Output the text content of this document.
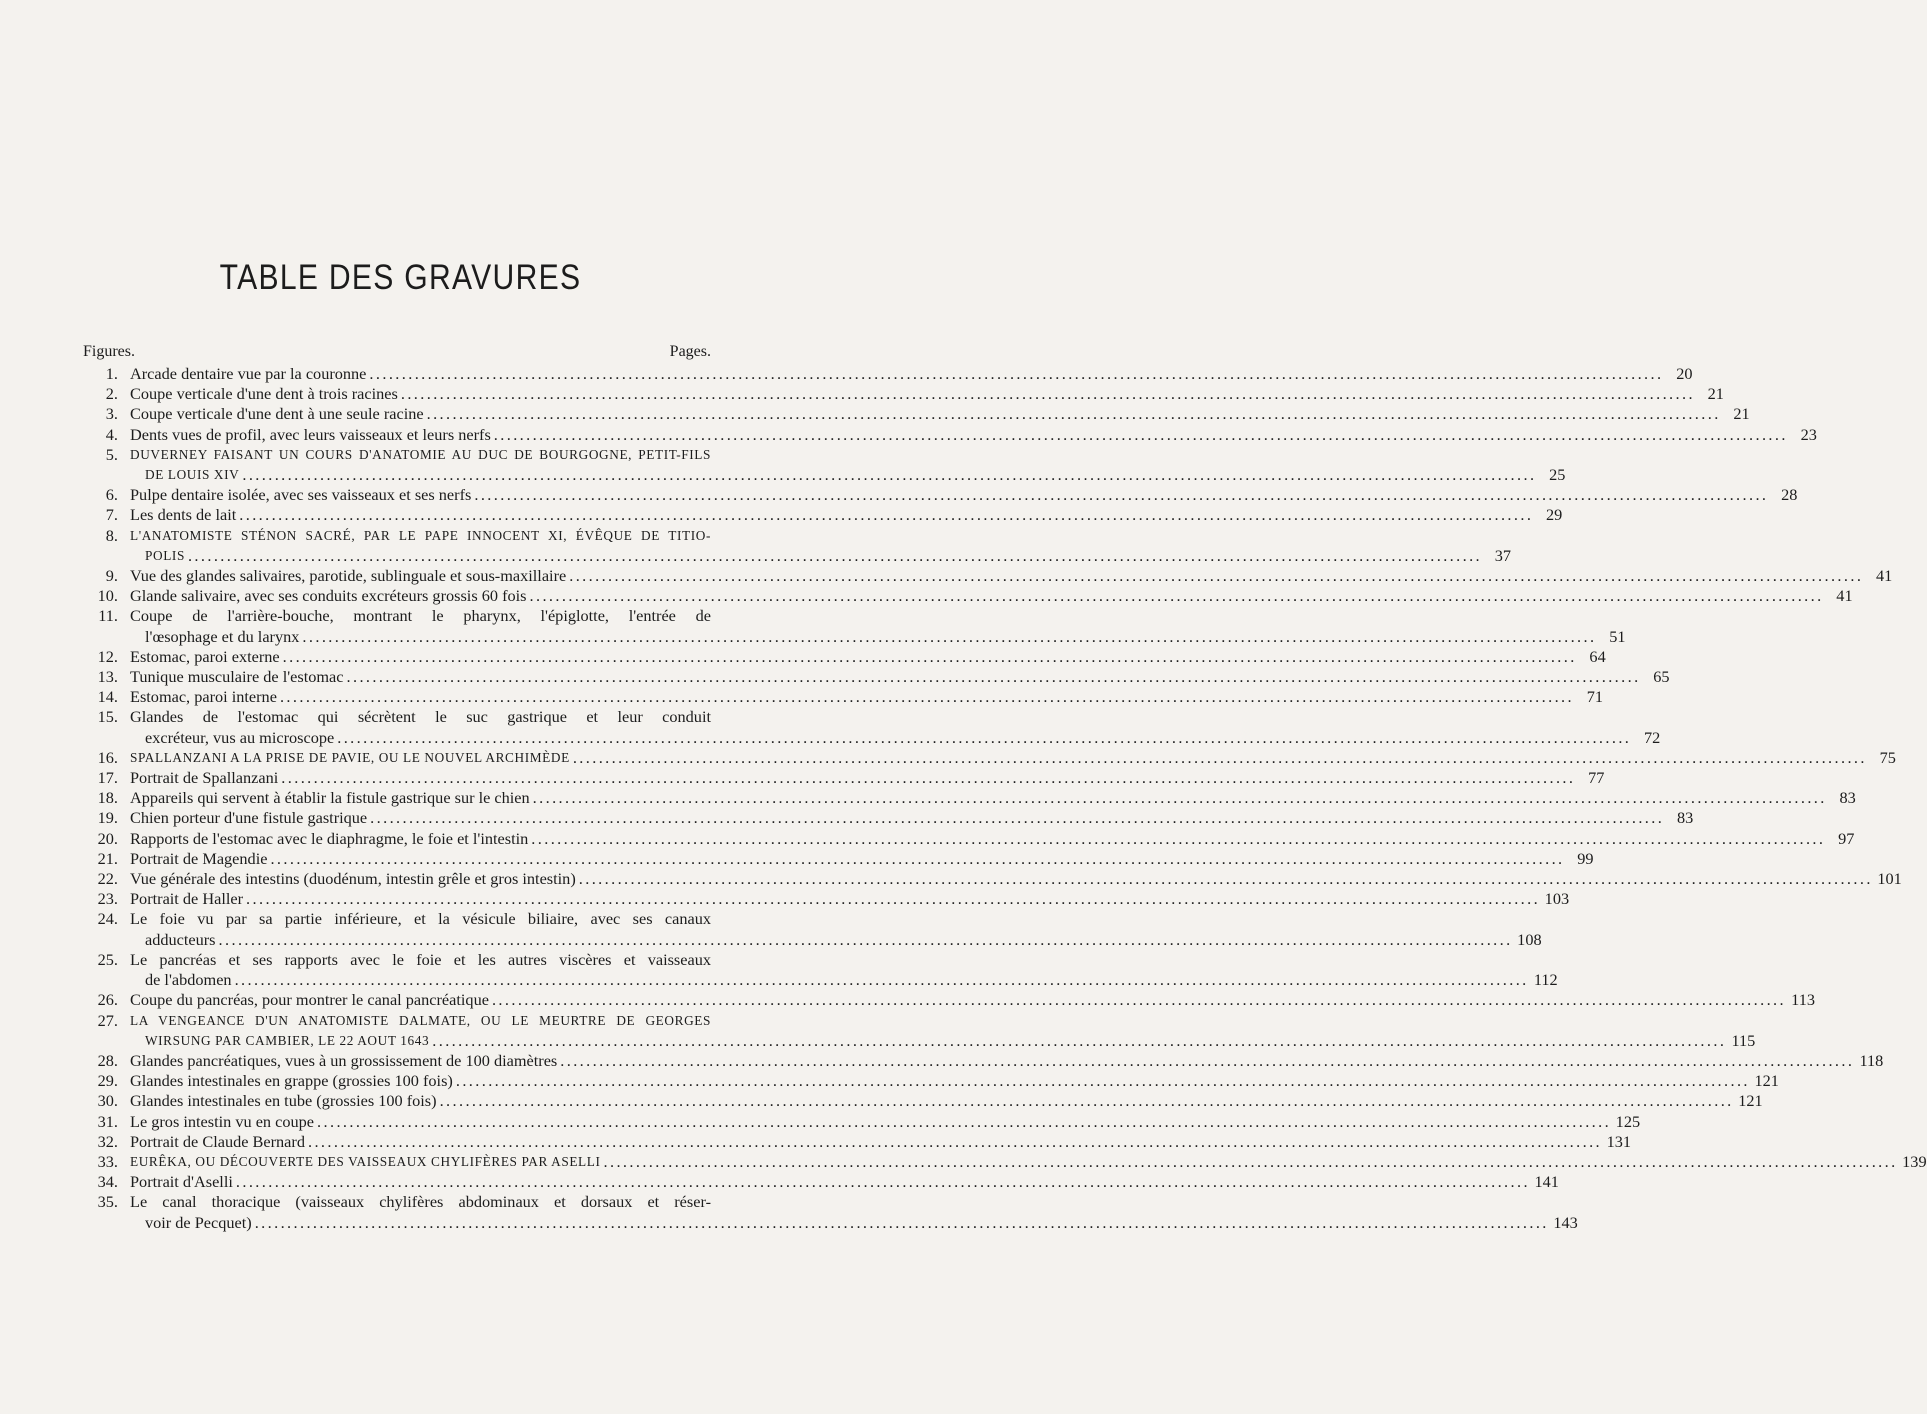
TABLE DES GRAVURES
Figures.	Pages.
1. Arcade dentaire vue par la couronne ........................................................................................................................................................................................................ 20
2. Coupe verticale d'une dent à trois racines ........................................................................................................................................................................................................ 21
3. Coupe verticale d'une dent à une seule racine ........................................................................................................................................................................................................ 21
4. Dents vues de profil, avec leurs vaisseaux et leurs nerfs ........................................................................................................................................................................................................ 23
5. DUVERNEY FAISANT UN COURS D'ANATOMIE AU DUC DE BOURGOGNE, PETIT-FILS
DE LOUIS XIV ........................................................................................................................................................................................................ 25
6. Pulpe dentaire isolée, avec ses vaisseaux et ses nerfs ........................................................................................................................................................................................................ 28
7. Les dents de lait ........................................................................................................................................................................................................ 29
8. L'ANATOMISTE STÉNON SACRÉ, PAR LE PAPE INNOCENT XI, ÉVÊQUE DE TITIO-
POLIS ........................................................................................................................................................................................................ 37
9. Vue des glandes salivaires, parotide, sublinguale et sous-maxillaire ........................................................................................................................................................................................................ 41
10. Glande salivaire, avec ses conduits excréteurs grossis 60 fois ........................................................................................................................................................................................................ 41
11. Coupe de l'arrière-bouche, montrant le pharynx, l'épiglotte, l'entrée de
l'œsophage et du larynx ........................................................................................................................................................................................................ 51
12. Estomac, paroi externe ........................................................................................................................................................................................................ 64
13. Tunique musculaire de l'estomac ........................................................................................................................................................................................................ 65
14. Estomac, paroi interne ........................................................................................................................................................................................................ 71
15. Glandes de l'estomac qui sécrètent le suc gastrique et leur conduit
excréteur, vus au microscope ........................................................................................................................................................................................................ 72
16. SPALLANZANI A LA PRISE DE PAVIE, OU LE NOUVEL ARCHIMÈDE ........................................................................................................................................................................................................ 75
17. Portrait de Spallanzani ........................................................................................................................................................................................................ 77
18. Appareils qui servent à établir la fistule gastrique sur le chien ........................................................................................................................................................................................................ 83
19. Chien porteur d'une fistule gastrique ........................................................................................................................................................................................................ 83
20. Rapports de l'estomac avec le diaphragme, le foie et l'intestin ........................................................................................................................................................................................................ 97
21. Portrait de Magendie ........................................................................................................................................................................................................ 99
22. Vue générale des intestins (duodénum, intestin grêle et gros intestin) ........................................................................................................................................................................................................ 101
23. Portrait de Haller ........................................................................................................................................................................................................ 103
24. Le foie vu par sa partie inférieure, et la vésicule biliaire, avec ses canaux
adducteurs ........................................................................................................................................................................................................ 108
25. Le pancréas et ses rapports avec le foie et les autres viscères et vaisseaux
de l'abdomen ........................................................................................................................................................................................................ 112
26. Coupe du pancréas, pour montrer le canal pancréatique ........................................................................................................................................................................................................ 113
27. LA VENGEANCE D'UN ANATOMISTE DALMATE, OU LE MEURTRE DE GEORGES
WIRSUNG PAR CAMBIER, LE 22 AOUT 1643 ........................................................................................................................................................................................................ 115
28. Glandes pancréatiques, vues à un grossissement de 100 diamètres ........................................................................................................................................................................................................ 118
29. Glandes intestinales en grappe (grossies 100 fois) ........................................................................................................................................................................................................ 121
30. Glandes intestinales en tube (grossies 100 fois) ........................................................................................................................................................................................................ 121
31. Le gros intestin vu en coupe ........................................................................................................................................................................................................ 125
32. Portrait de Claude Bernard ........................................................................................................................................................................................................ 131
33. EURÊKA, OU DÉCOUVERTE DES VAISSEAUX CHYLIFÈRES PAR ASELLI ........................................................................................................................................................................................................ 139
34. Portrait d'Aselli ........................................................................................................................................................................................................ 141
35. Le canal thoracique (vaisseaux chylifères abdominaux et dorsaux et réser-
voir de Pecquet) ........................................................................................................................................................................................................ 143
